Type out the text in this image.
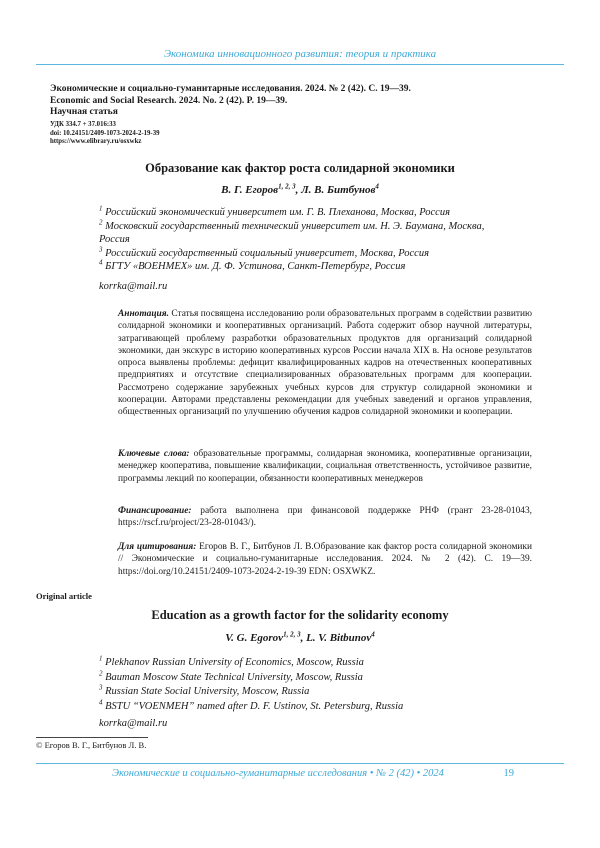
Экономика инновационного развития: теория и практика
Экономические и социально-гуманитарные исследования. 2024. № 2 (42). С. 19—39.
Economic and Social Research. 2024. No. 2 (42). P. 19—39.
Научная статья
УДК 334.7 + 37.016:33
doi: 10.24151/2409-1073-2024-2-19-39
https://www.elibrary.ru/osxwkz
Образование как фактор роста солидарной экономики
В. Г. Егоров$^{1, 2, 3}$, Л. В. Битбунов$^4$
$^1$ Российский экономический университет им. Г. В. Плеханова, Москва, Россия
$^2$ Московский государственный технический университет им. Н. Э. Баумана, Москва, Россия
$^3$ Российский государственный социальный университет, Москва, Россия
$^4$ БГТУ «ВОЕНМЕХ» им. Д. Ф. Устинова, Санкт-Петербург, Россия
korrka@mail.ru
Аннотация. Статья посвящена исследованию роли образовательных программ в содействии развитию солидарной экономики и кооперативных организаций. Работа содержит обзор научной литературы, затрагивающей проблему разработки образовательных продуктов для организаций солидарной экономики, дан экскурс в историю кооперативных курсов России начала XIX в. На основе результатов опроса выявлены проблемы: дефицит квалифицированных кадров на отечественных кооперативных предприятиях и отсутствие специализированных образовательных программ для кооперации. Рассмотрено содержание зарубежных учебных курсов для структур солидарной экономики и кооперации. Авторами представлены рекомендации для учебных заведений и органов управления, общественных организаций по улучшению обучения кадров солидарной экономики и кооперации.
Ключевые слова: образовательные программы, солидарная экономика, кооперативные организации, менеджер кооператива, повышение квалификации, социальная ответственность, устойчивое развитие, программы лекций по кооперации, обязанности кооперативных менеджеров
Финансирование: работа выполнена при финансовой поддержке РНФ (грант 23-28-01043, https://rscf.ru/project/23-28-01043/).
Для цитирования: Егоров В. Г., Битбунов Л. В.Образование как фактор роста солидарной экономики // Экономические и социально-гуманитарные исследования. 2024. № 2 (42). С. 19—39. https://doi.org/10.24151/2409-1073-2024-2-19-39 EDN: OSXWKZ.
Original article
Education as a growth factor for the solidarity economy
V. G. Egorov$^{1, 2, 3}$, L. V. Bitbunov$^4$
$^1$ Plekhanov Russian University of Economics, Moscow, Russia
$^2$ Bauman Moscow State Technical University, Moscow, Russia
$^3$ Russian State Social University, Moscow, Russia
$^4$ BSTU “VOENMEH” named after D. F. Ustinov, St. Petersburg, Russia
korrka@mail.ru
© Егоров В. Г., Битбунов Л. В.
Экономические и социально-гуманитарные исследования • № 2 (42) • 2024	19
